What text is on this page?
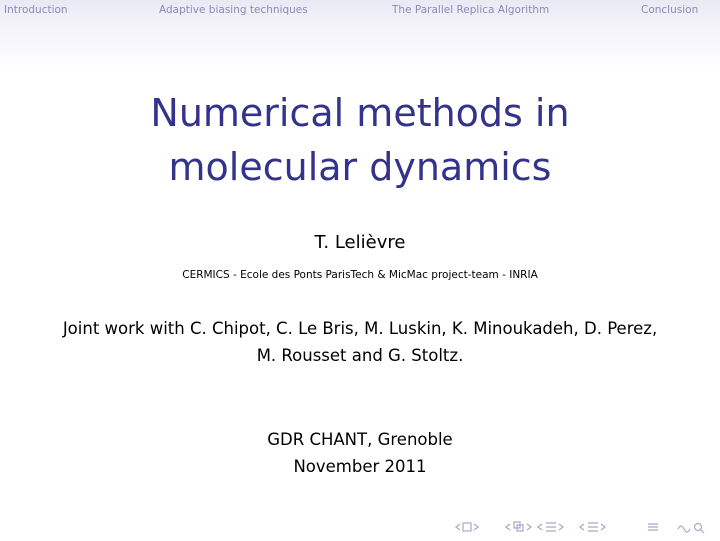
Introduction	Adaptive biasing techniques	The Parallel Replica Algorithm	Conclusion
Numerical methods in molecular dynamics
T. Lelièvre
CERMICS - Ecole des Ponts ParisTech & MicMac project-team - INRIA
Joint work with C. Chipot, C. Le Bris, M. Luskin, K. Minoukadeh, D. Perez, M. Rousset and G. Stoltz.
GDR CHANT, Grenoble
November 2011
